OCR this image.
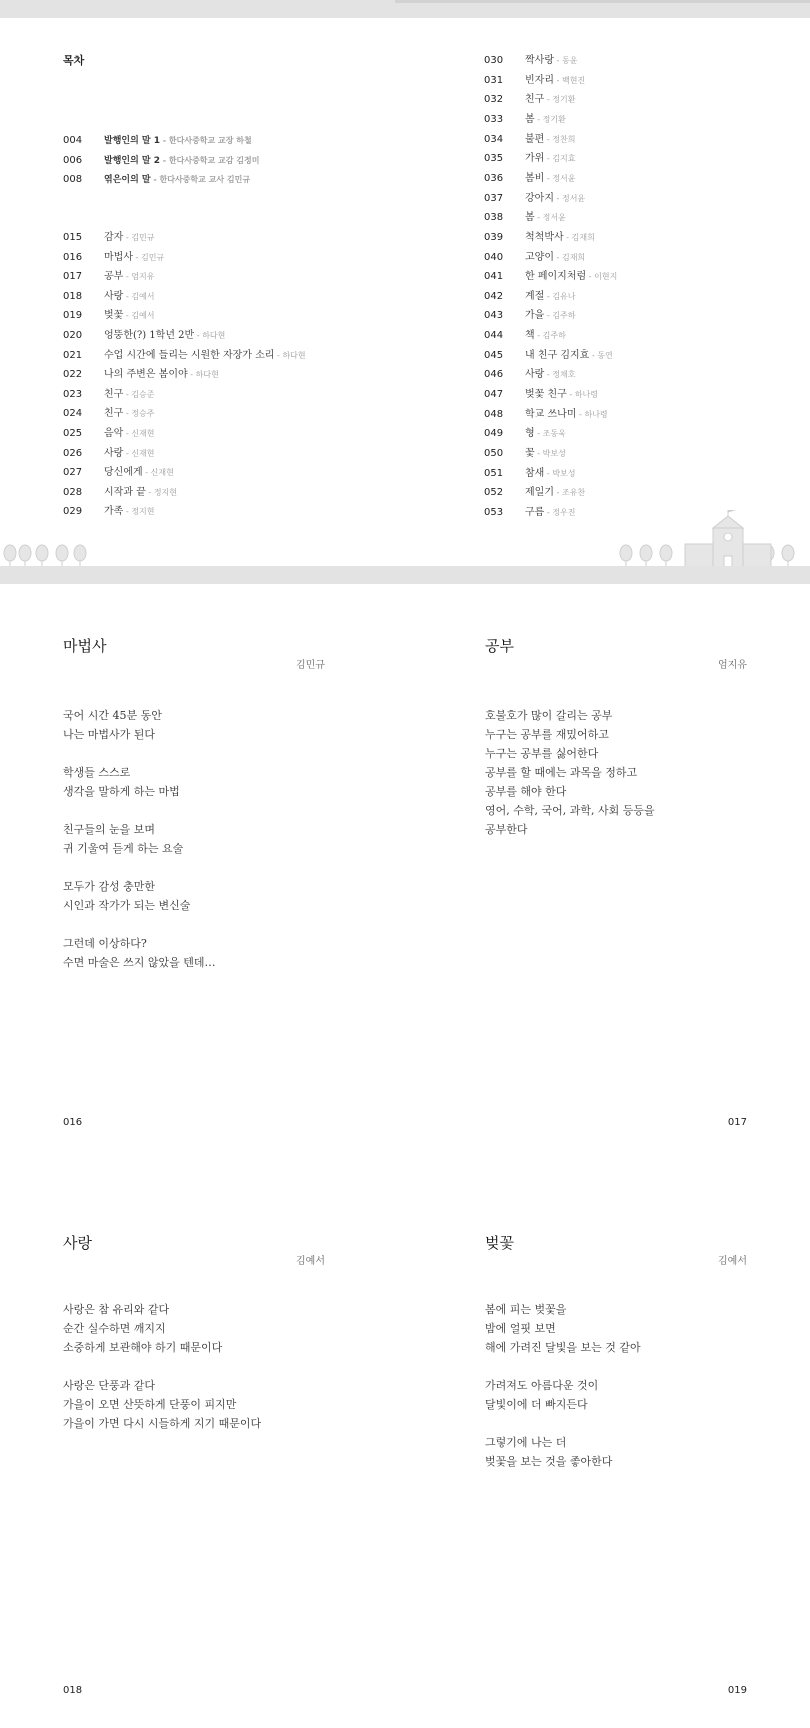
목차
004 발행인의 말 1 - 한다사중학교 교장 하철
006 발행인의 말 2 - 한다사중학교 교감 김정미
008 엮은이의 말 - 한다사중학교 교사 김민규
015 감자 - 김민규
016 마법사 - 김민규
017 공부 - 엄지유
018 사랑 - 김예서
019 벚꽃 - 김예서
020 엉뚱한(?) 1학년 2반 - 하다현
021 수업 시간에 들리는 시원한 자장가 소리 - 하다현
022 나의 주변은 봄이야 - 하다현
023 친구 - 김승준
024 친구 - 정승주
025 음악 - 신재현
026 사랑 - 신재현
027 당신에게 - 신재현
028 시작과 끝 - 정지현
029 가족 - 정지현
030 짝사랑 - 동윤
031 빈자리 - 백현진
032 친구 - 정기환
033 봄 - 정기환
034 불편 - 정찬희
035 가위 - 김지효
036 봄비 - 정서윤
037 강아지 - 정서윤
038 봄 - 정서윤
039 척척박사 - 김재희
040 고양이 - 김재희
041 한 페이지처럼 - 이현지
042 계절 - 김유나
043 가을 - 김주하
044 책 - 김주하
045 내 친구 김지효 - 동연
046 사랑 - 정채호
047 벚꽃 친구 - 하나령
048 학교 쓰나미 - 하나령
049 형 - 조동욱
050 꽃 - 박보성
051 참새 - 박보성
052 제일기 - 조유찬
053 구름 - 정우진
마법사
김민규
국어 시간 45분 동안
나는 마법사가 된다
학생들 스스로
생각을 말하게 하는 마법
친구들의 눈을 보며
귀 기울여 듣게 하는 요술
모두가 감성 충만한
시인과 작가가 되는 변신술
그런데 이상하다?
수면 마술은 쓰지 않았을 텐데…
016
공부
엄지유
호불호가 많이 갈리는 공부
누구는 공부를 재밌어하고
누구는 공부를 싫어한다
공부를 할 때에는 과목을 정하고
공부를 해야 한다
영어, 수학, 국어, 과학, 사회 등등을
공부한다
017
사랑
김예서
사랑은 참 유리와 같다
순간 실수하면 깨지지
소중하게 보관해야 하기 때문이다
사랑은 단풍과 같다
가을이 오면 산뜻하게 단풍이 피지만
가을이 가면 다시 시들하게 지기 때문이다
018
벚꽃
김예서
봄에 피는 벚꽃을
밤에 얼핏 보면
해에 가려진 달빛을 보는 것 같아
가려져도 아름다운 것이
달빛이에 더 빠지든다
그렇기에 나는 더
벚꽃을 보는 것을 좋아한다
019
